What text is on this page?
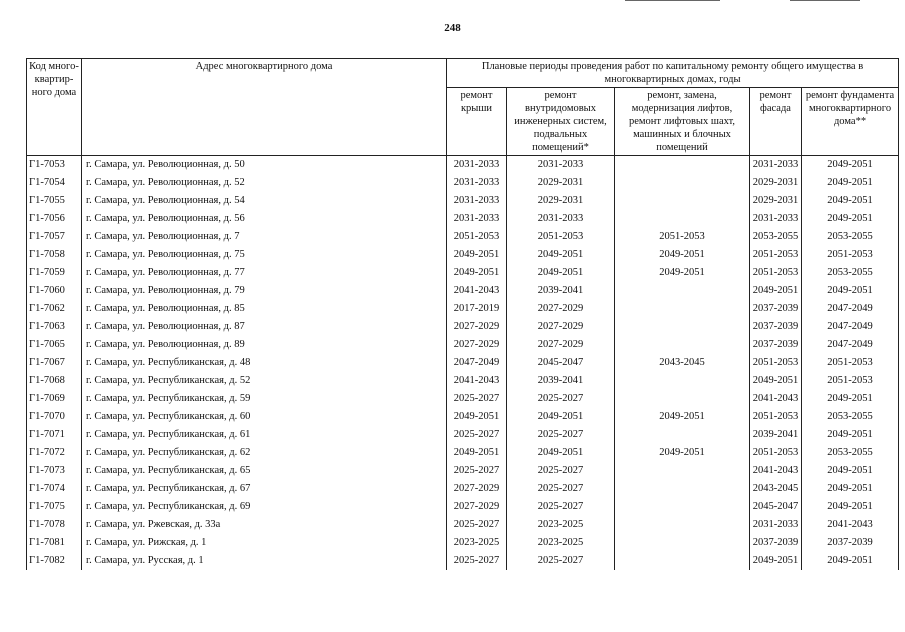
248
Код много-квартир-ного дома	Адрес многоквартирного дома	Плановые периоды проведения работ по капитальному ремонту общего имущества в многоквартирных домах, годы				
		ремонт крыши	ремонт внутридомовых инженерных систем, подвальных помещений*	ремонт, замена, модернизация лифтов, ремонт лифтовых шахт, машинных и блочных помещений	ремонт фасада	ремонт фундамента многоквартирного дома**
Г1-7053	г. Самара, ул. Революционная, д. 50	2031-2033	2031-2033		2031-2033	2049-2051
Г1-7054	г. Самара, ул. Революционная, д. 52	2031-2033	2029-2031		2029-2031	2049-2051
Г1-7055	г. Самара, ул. Революционная, д. 54	2031-2033	2029-2031		2029-2031	2049-2051
Г1-7056	г. Самара, ул. Революционная, д. 56	2031-2033	2031-2033		2031-2033	2049-2051
Г1-7057	г. Самара, ул. Революционная, д. 7	2051-2053	2051-2053	2051-2053	2053-2055	2053-2055
Г1-7058	г. Самара, ул. Революционная, д. 75	2049-2051	2049-2051	2049-2051	2051-2053	2051-2053
Г1-7059	г. Самара, ул. Революционная, д. 77	2049-2051	2049-2051	2049-2051	2051-2053	2053-2055
Г1-7060	г. Самара, ул. Революционная, д. 79	2041-2043	2039-2041		2049-2051	2049-2051
Г1-7062	г. Самара, ул. Революционная, д. 85	2017-2019	2027-2029		2037-2039	2047-2049
Г1-7063	г. Самара, ул. Революционная, д. 87	2027-2029	2027-2029		2037-2039	2047-2049
Г1-7065	г. Самара, ул. Революционная, д. 89	2027-2029	2027-2029		2037-2039	2047-2049
Г1-7067	г. Самара, ул. Республиканская, д. 48	2047-2049	2045-2047	2043-2045	2051-2053	2051-2053
Г1-7068	г. Самара, ул. Республиканская, д. 52	2041-2043	2039-2041		2049-2051	2051-2053
Г1-7069	г. Самара, ул. Республиканская, д. 59	2025-2027	2025-2027		2041-2043	2049-2051
Г1-7070	г. Самара, ул. Республиканская, д. 60	2049-2051	2049-2051	2049-2051	2051-2053	2053-2055
Г1-7071	г. Самара, ул. Республиканская, д. 61	2025-2027	2025-2027		2039-2041	2049-2051
Г1-7072	г. Самара, ул. Республиканская, д. 62	2049-2051	2049-2051	2049-2051	2051-2053	2053-2055
Г1-7073	г. Самара, ул. Республиканская, д. 65	2025-2027	2025-2027		2041-2043	2049-2051
Г1-7074	г. Самара, ул. Республиканская, д. 67	2027-2029	2025-2027		2043-2045	2049-2051
Г1-7075	г. Самара, ул. Республиканская, д. 69	2027-2029	2025-2027		2045-2047	2049-2051
Г1-7078	г. Самара, ул. Ржевская, д. 33а	2025-2027	2023-2025		2031-2033	2041-2043
Г1-7081	г. Самара, ул. Рижская, д. 1	2023-2025	2023-2025		2037-2039	2037-2039
Г1-7082	г. Самара, ул. Русская, д. 1	2025-2027	2025-2027		2049-2051	2049-2051
